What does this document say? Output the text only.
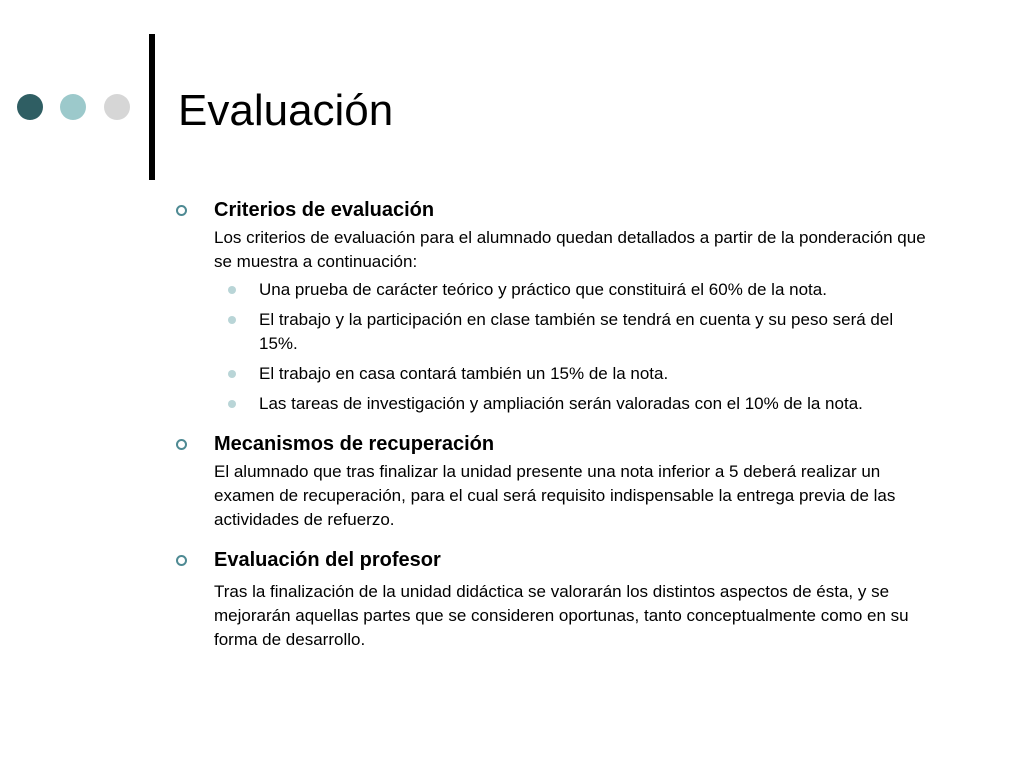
Evaluación
Criterios de evaluación

Los criterios de evaluación para el alumnado quedan detallados a partir de la ponderación que se muestra a continuación:

Una prueba de carácter teórico y práctico que constituirá el 60% de la nota.
El trabajo y la participación en clase también se tendrá en cuenta y su peso será del 15%.
El trabajo en casa contará también un 15% de la nota.
Las tareas de investigación y ampliación serán valoradas con el 10% de la nota.
Mecanismos de recuperación

El alumnado que tras finalizar la unidad presente una nota inferior a 5 deberá realizar un examen de recuperación, para el cual será requisito indispensable la entrega previa de las actividades de refuerzo.

Evaluación del profesor

Tras la finalización de la unidad didáctica se valorarán los distintos aspectos de ésta, y se mejorarán aquellas partes que se consideren oportunas, tanto conceptualmente como en su forma de desarrollo.
